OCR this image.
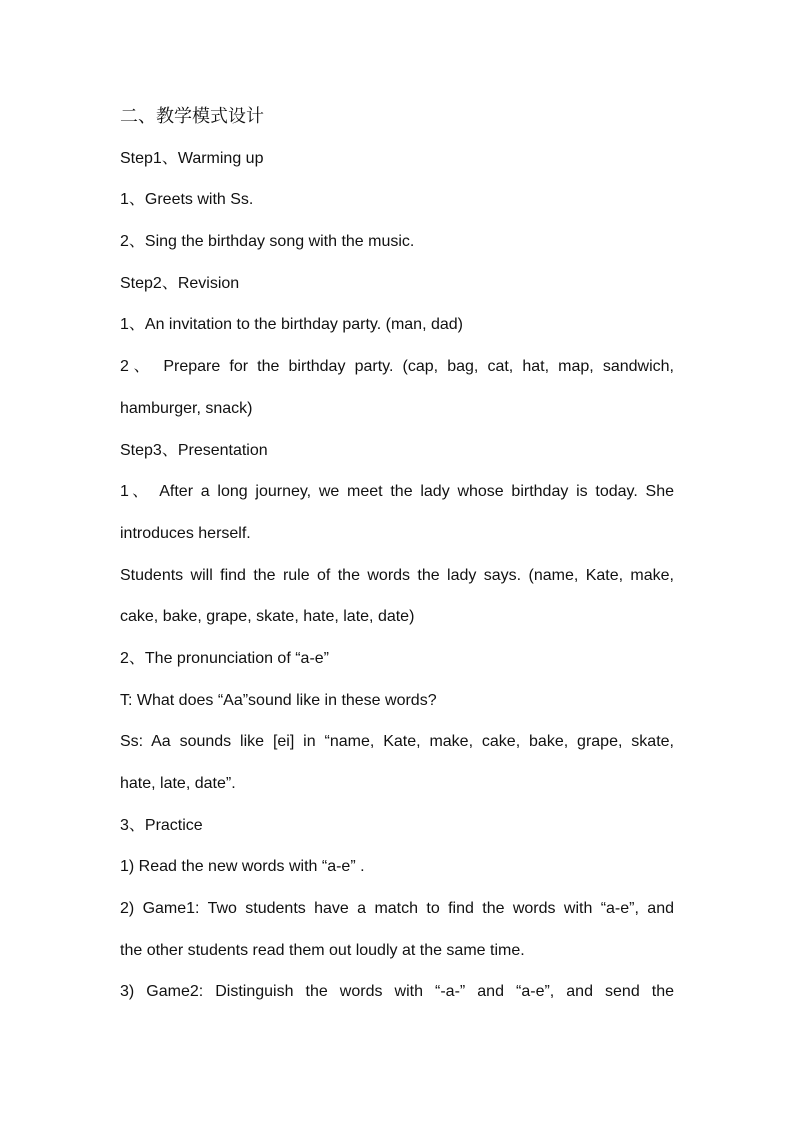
二、教学模式设计
Step1、Warming up
1、Greets with Ss.
2、Sing the birthday song with the music.
Step2、Revision
1、An invitation to the birthday party. (man, dad)
2、 Prepare for the birthday party. (cap, bag, cat, hat, map, sandwich,
hamburger, snack)
Step3、Presentation
1、 After a long journey, we meet the lady whose birthday is today. She
introduces herself.
Students will find the rule of the words the lady says. (name, Kate, make,
cake, bake, grape, skate, hate, late, date)
2、The pronunciation of “a-e”
T: What does “Aa”sound like in these words?
Ss: Aa sounds like [ei] in “name, Kate, make, cake, bake, grape, skate,
hate, late, date”.
3、Practice
1) Read the new words with “a-e” .
2) Game1: Two students have a match to find the words with “a-e”, and
the other students read them out loudly at the same time.
3) Game2: Distinguish the words with “-a-” and “a-e”, and send the
